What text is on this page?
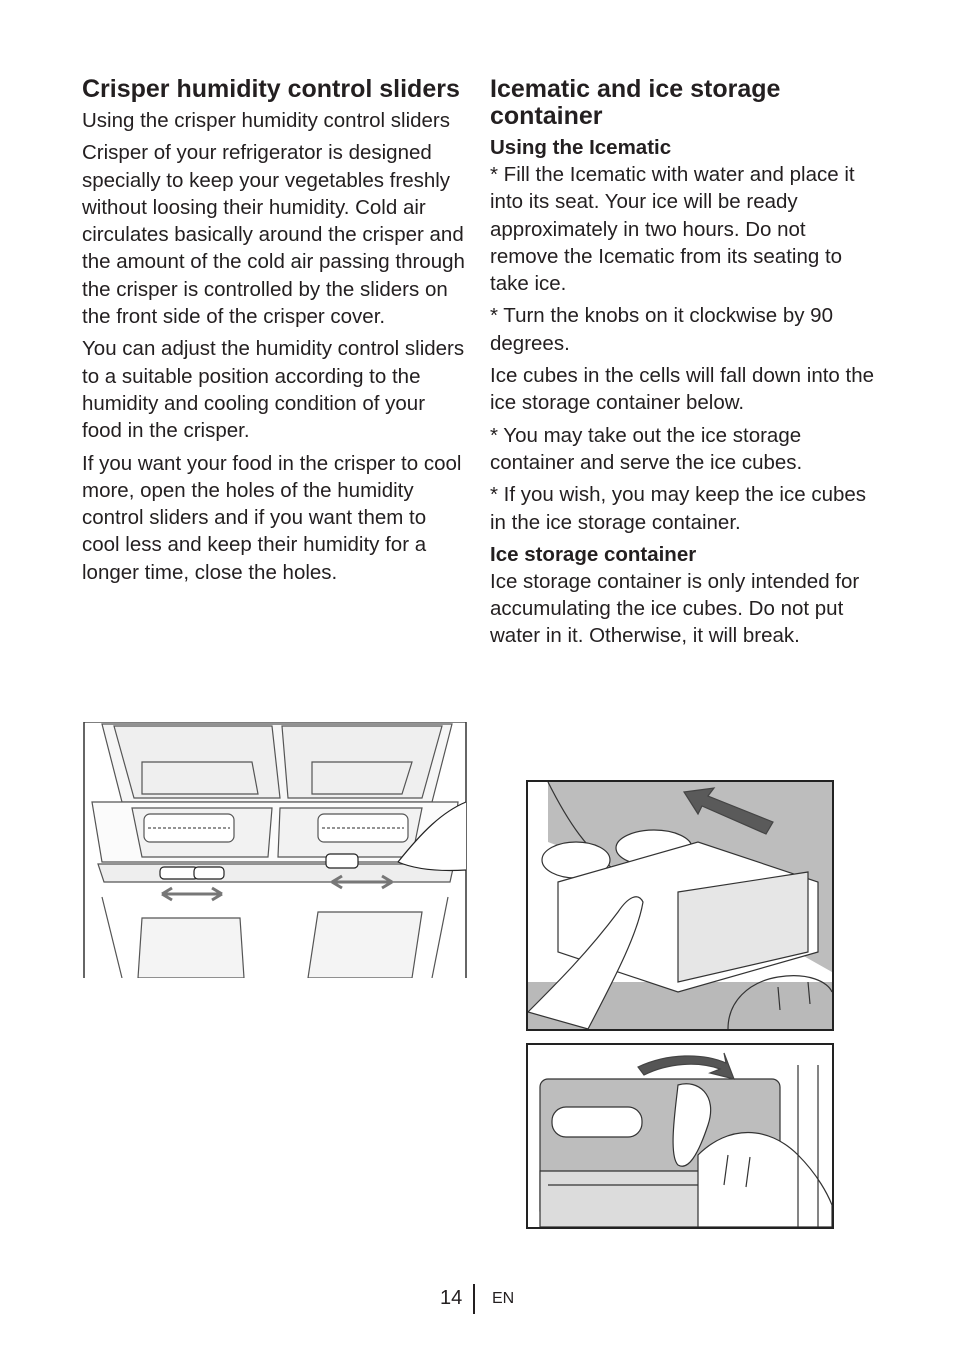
Crisper humidity control sliders

Using the crisper humidity control sliders

Crisper of your refrigerator is designed specially to keep your vegetables freshly without loosing their humidity. Cold air circulates basically around the crisper and the amount of the cold air passing through the crisper is controlled by the sliders on the front side of the crisper cover.

You can adjust the humidity control sliders to a suitable position according to the humidity and cooling condition of your food in the crisper.

If you want your food in the crisper to cool more, open the holes of the humidity control sliders and if you want them to cool less and keep their humidity for a longer time, close the holes.

Icematic and ice storage container
Using the Icematic

* Fill the Icematic with water and place it into its seat. Your ice will be ready approximately in two hours. Do not remove the Icematic from its seating to take ice.

* Turn the knobs on it clockwise by 90 degrees.

Ice cubes in the cells will fall down into the ice storage container below.

* You may take out the ice storage container and serve the ice cubes.

* If you wish, you may keep the ice cubes in the ice storage container.

Ice storage container

Ice storage container is only intended for accumulating the ice cubes. Do not put water in it. Otherwise, it will break.

14 EN
